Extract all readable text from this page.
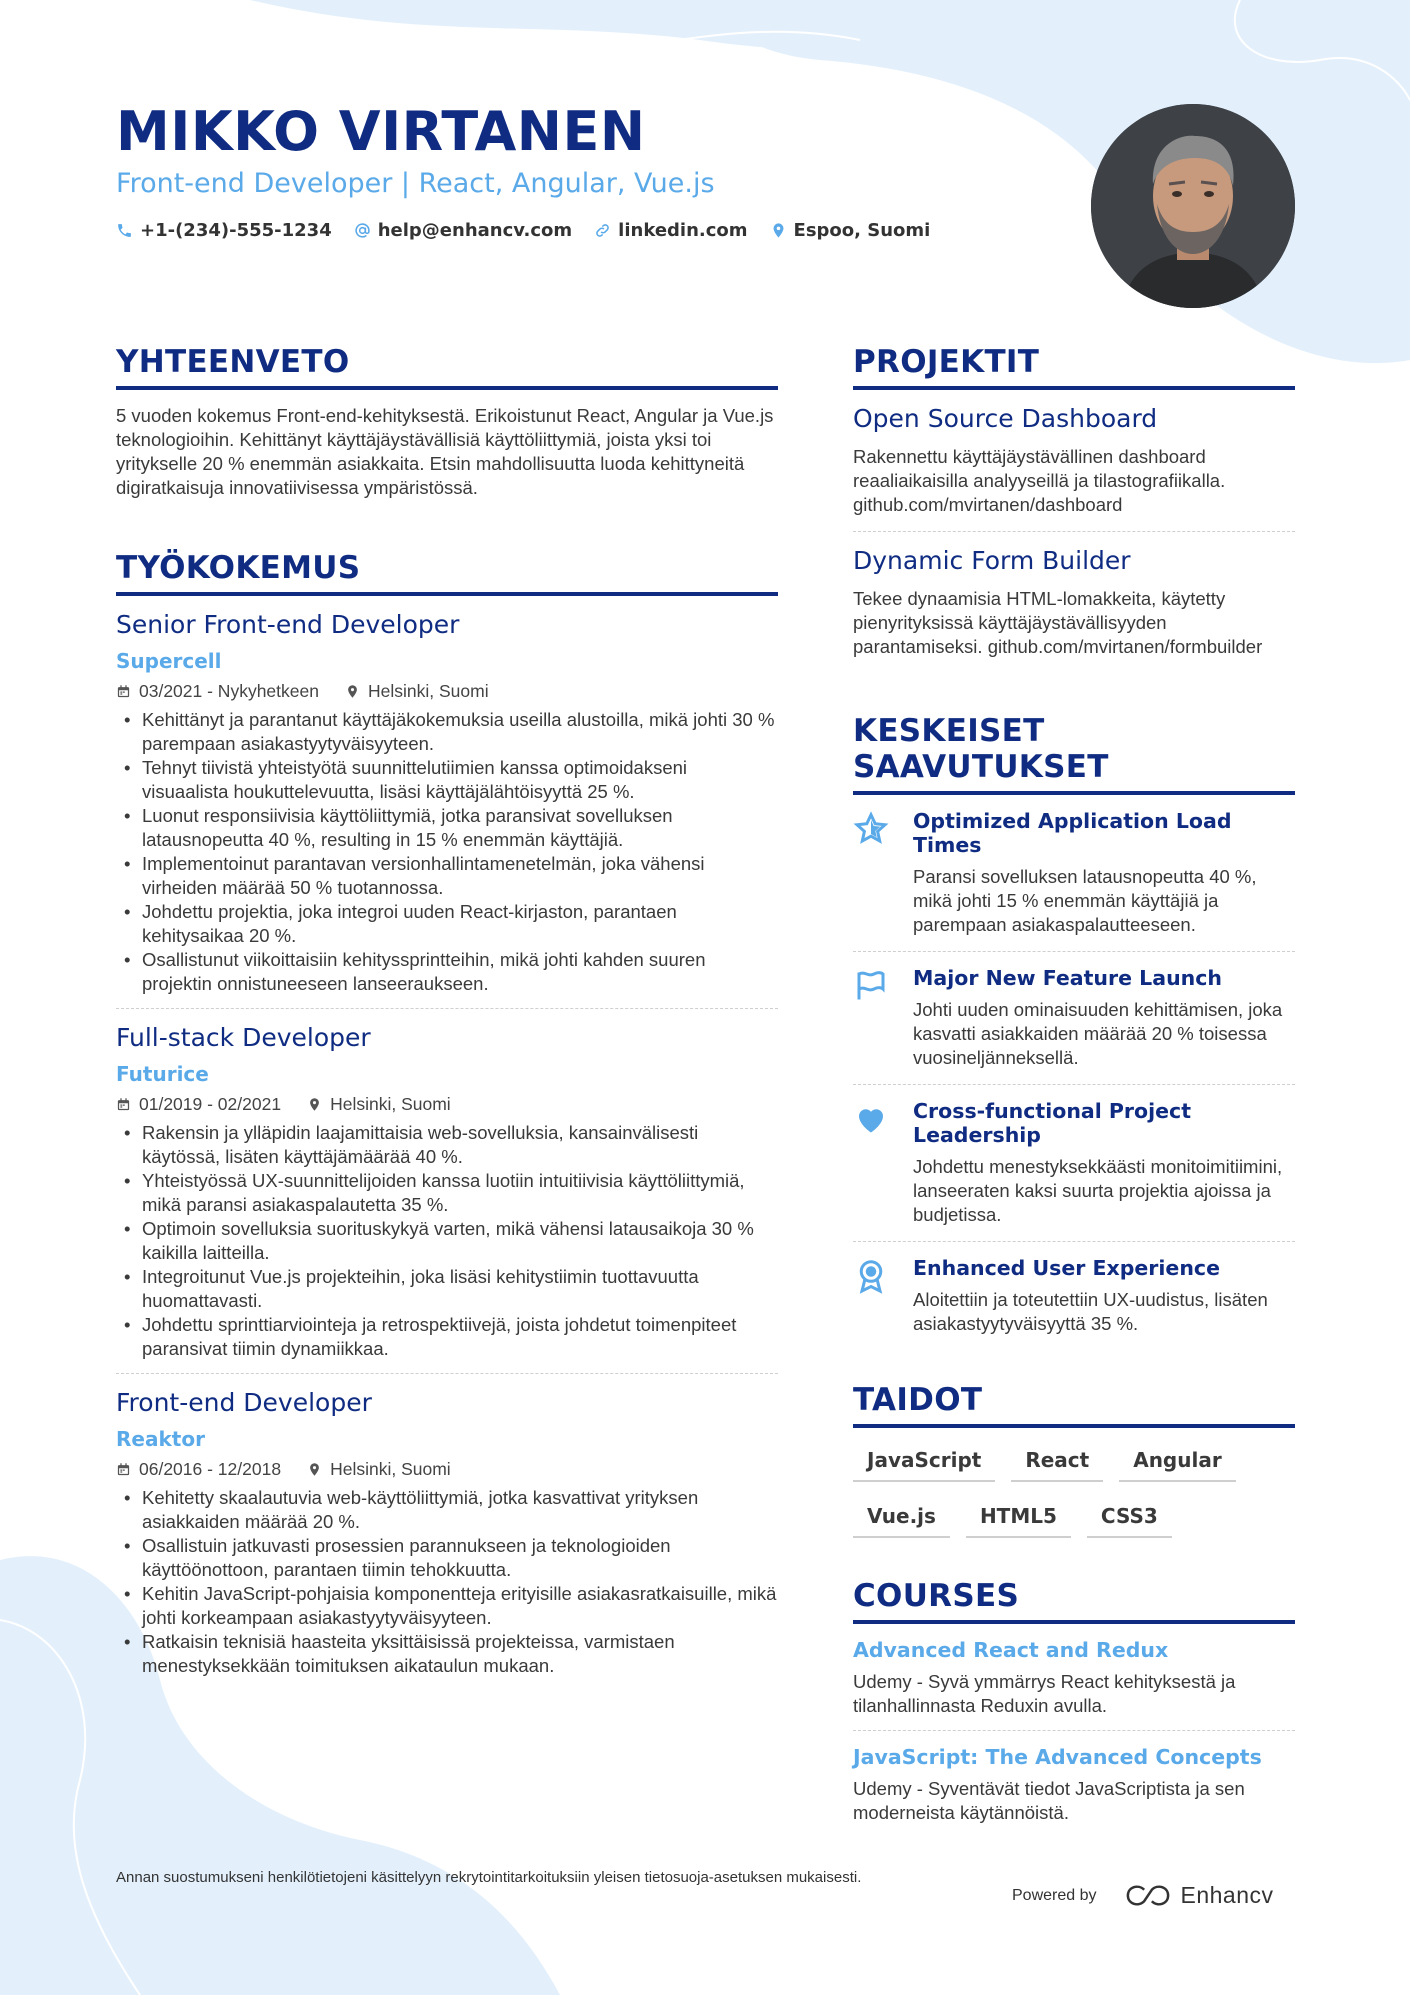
MIKKO VIRTANEN
Front-end Developer | React, Angular, Vue.js
+1-(234)-555-1234	help@enhancv.com	linkedin.com	Espoo, Suomi
YHTEENVETO
5 vuoden kokemus Front-end-kehityksestä. Erikoistunut React, Angular ja Vue.js teknologioihin. Kehittänyt käyttäjäystävällisiä käyttöliittymiä, joista yksi toi yritykselle 20 % enemmän asiakkaita. Etsin mahdollisuutta luoda kehittyneitä digiratkaisuja innovatiivisessa ympäristössä.
TYÖKOKEMUS
Senior Front-end Developer
Supercell
03/2021 - Nykyhetkeen	Helsinki, Suomi
• Kehittänyt ja parantanut käyttäjäkokemuksia useilla alustoilla, mikä johti 30 % parempaan asiakastyytyväisyyteen.
• Tehnyt tiivistä yhteistyötä suunnittelutiimien kanssa optimoidakseni visuaalista houkuttelevuutta, lisäsi käyttäjälähtöisyyttä 25 %.
• Luonut responsiivisia käyttöliittymiä, jotka paransivat sovelluksen latausnopeutta 40 %, resulting in 15 % enemmän käyttäjiä.
• Implementoinut parantavan versionhallintamenetelmän, joka vähensi virheiden määrää 50 % tuotannossa.
• Johdettu projektia, joka integroi uuden React-kirjaston, parantaen kehitysaikaa 20 %.
• Osallistunut viikoittaisiin kehityssprintteihin, mikä johti kahden suuren projektin onnistuneeseen lanseeraukseen.
Full-stack Developer
Futurice
01/2019 - 02/2021	Helsinki, Suomi
• Rakensin ja ylläpidin laajamittaisia web-sovelluksia, kansainvälisesti käytössä, lisäten käyttäjämäärää 40 %.
• Yhteistyössä UX-suunnittelijoiden kanssa luotiin intuitiivisia käyttöliittymiä, mikä paransi asiakaspalautetta 35 %.
• Optimoin sovelluksia suorituskykyä varten, mikä vähensi latausaikoja 30 % kaikilla laitteilla.
• Integroitunut Vue.js projekteihin, joka lisäsi kehitystiimin tuottavuutta huomattavasti.
• Johdettu sprinttiarviointeja ja retrospektiivejä, joista johdetut toimenpiteet paransivat tiimin dynamiikkaa.
Front-end Developer
Reaktor
06/2016 - 12/2018	Helsinki, Suomi
• Kehitetty skaalautuvia web-käyttöliittymiä, jotka kasvattivat yrityksen asiakkaiden määrää 20 %.
• Osallistuin jatkuvasti prosessien parannukseen ja teknologioiden käyttöönottoon, parantaen tiimin tehokkuutta.
• Kehitin JavaScript-pohjaisia komponentteja erityisille asiakasratkaisuille, mikä johti korkeampaan asiakastyytyväisyyteen.
• Ratkaisin teknisiä haasteita yksittäisissä projekteissa, varmistaen menestyksekkään toimituksen aikataulun mukaan.
PROJEKTIT
Open Source Dashboard
Rakennettu käyttäjäystävällinen dashboard reaaliaikaisilla analyyseillä ja tilastografiikalla. github.com/mvirtanen/dashboard
Dynamic Form Builder
Tekee dynaamisia HTML-lomakkeita, käytetty pienyrityksissä käyttäjäystävällisyyden parantamiseksi. github.com/mvirtanen/formbuilder
KESKEISET SAAVUTUKSET
Optimized Application Load Times
Paransi sovelluksen latausnopeutta 40 %, mikä johti 15 % enemmän käyttäjiä ja parempaan asiakaspalautteeseen.
Major New Feature Launch
Johti uuden ominaisuuden kehittämisen, joka kasvatti asiakkaiden määrää 20 % toisessa vuosineljänneksellä.
Cross-functional Project Leadership
Johdettu menestyksekkäästi monitoimitiimini, lanseeraten kaksi suurta projektia ajoissa ja budjetissa.
Enhanced User Experience
Aloitettiin ja toteutettiin UX-uudistus, lisäten asiakastyytyväisyyttä 35 %.
TAIDOT
JavaScript	React	Angular
Vue.js	HTML5	CSS3
COURSES
Advanced React and Redux
Udemy - Syvä ymmärrys React kehityksestä ja tilanhallinnasta Reduxin avulla.
JavaScript: The Advanced Concepts
Udemy - Syventävät tiedot JavaScriptista ja sen moderneista käytännöistä.
Annan suostumukseni henkilötietojeni käsittelyyn rekrytointitarkoituksiin yleisen tietosuoja-asetuksen mukaisesti.
Powered by	Enhancv
